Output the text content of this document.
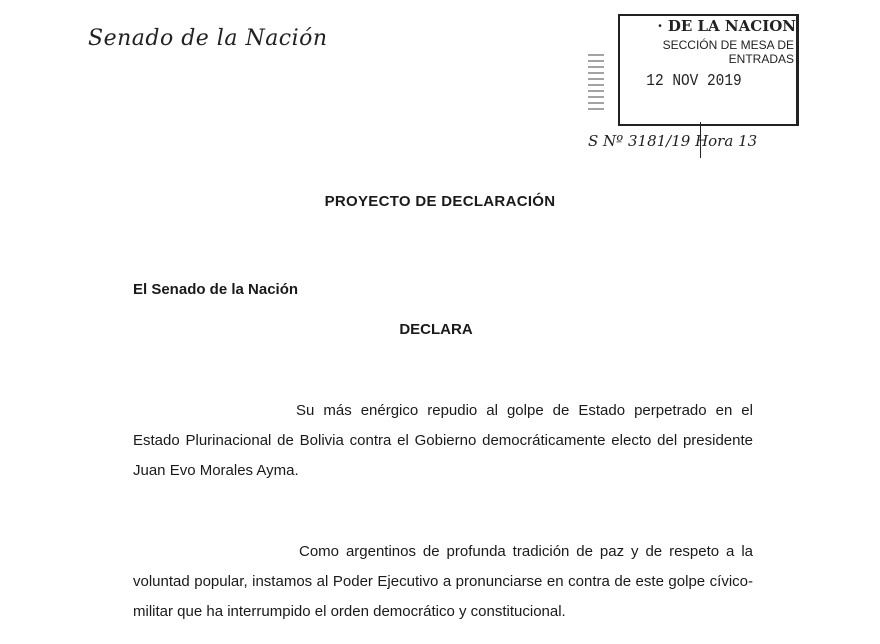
Senado de la Nación	· DE LA NACION
SECCIÓN DE MESA DE ENTRADAS
12 NOV 2019
S Nº 3181/19 Hora 13
PROYECTO DE DECLARACIÓN
El Senado de la Nación
DECLARA
Su más enérgico repudio al golpe de Estado perpetrado en el Estado Plurinacional de Bolivia contra el Gobierno democráticamente electo del presidente Juan Evo Morales Ayma.
Como argentinos de profunda tradición de paz y de respeto a la voluntad popular, instamos al Poder Ejecutivo a pronunciarse en contra de este golpe cívico-militar que ha interrumpido el orden democrático y constitucional.
